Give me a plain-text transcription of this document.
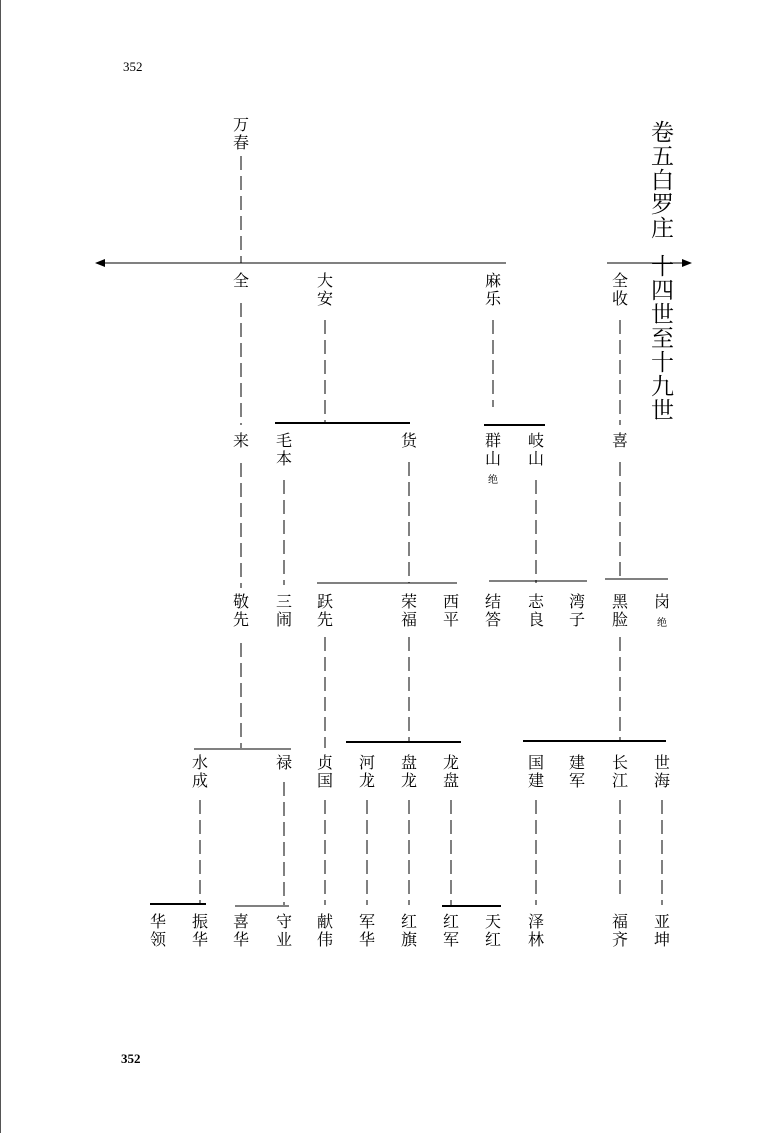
352
卷五白罗庄
十四世至十九世
352
万春
全	大安
麻乐
全收
来 毛本
货	群山
绝
岐山
喜
敬先
三闹
跃先
荣福
西平
结答
志良
湾子
黑脸
岗
绝
水成
禄 贞国
河龙
盘龙
龙盘
国建
建军
长江
世海
华领
振华
喜华
守业
献伟
军华
红旗
红军
天红
泽林
福齐
亚坤
